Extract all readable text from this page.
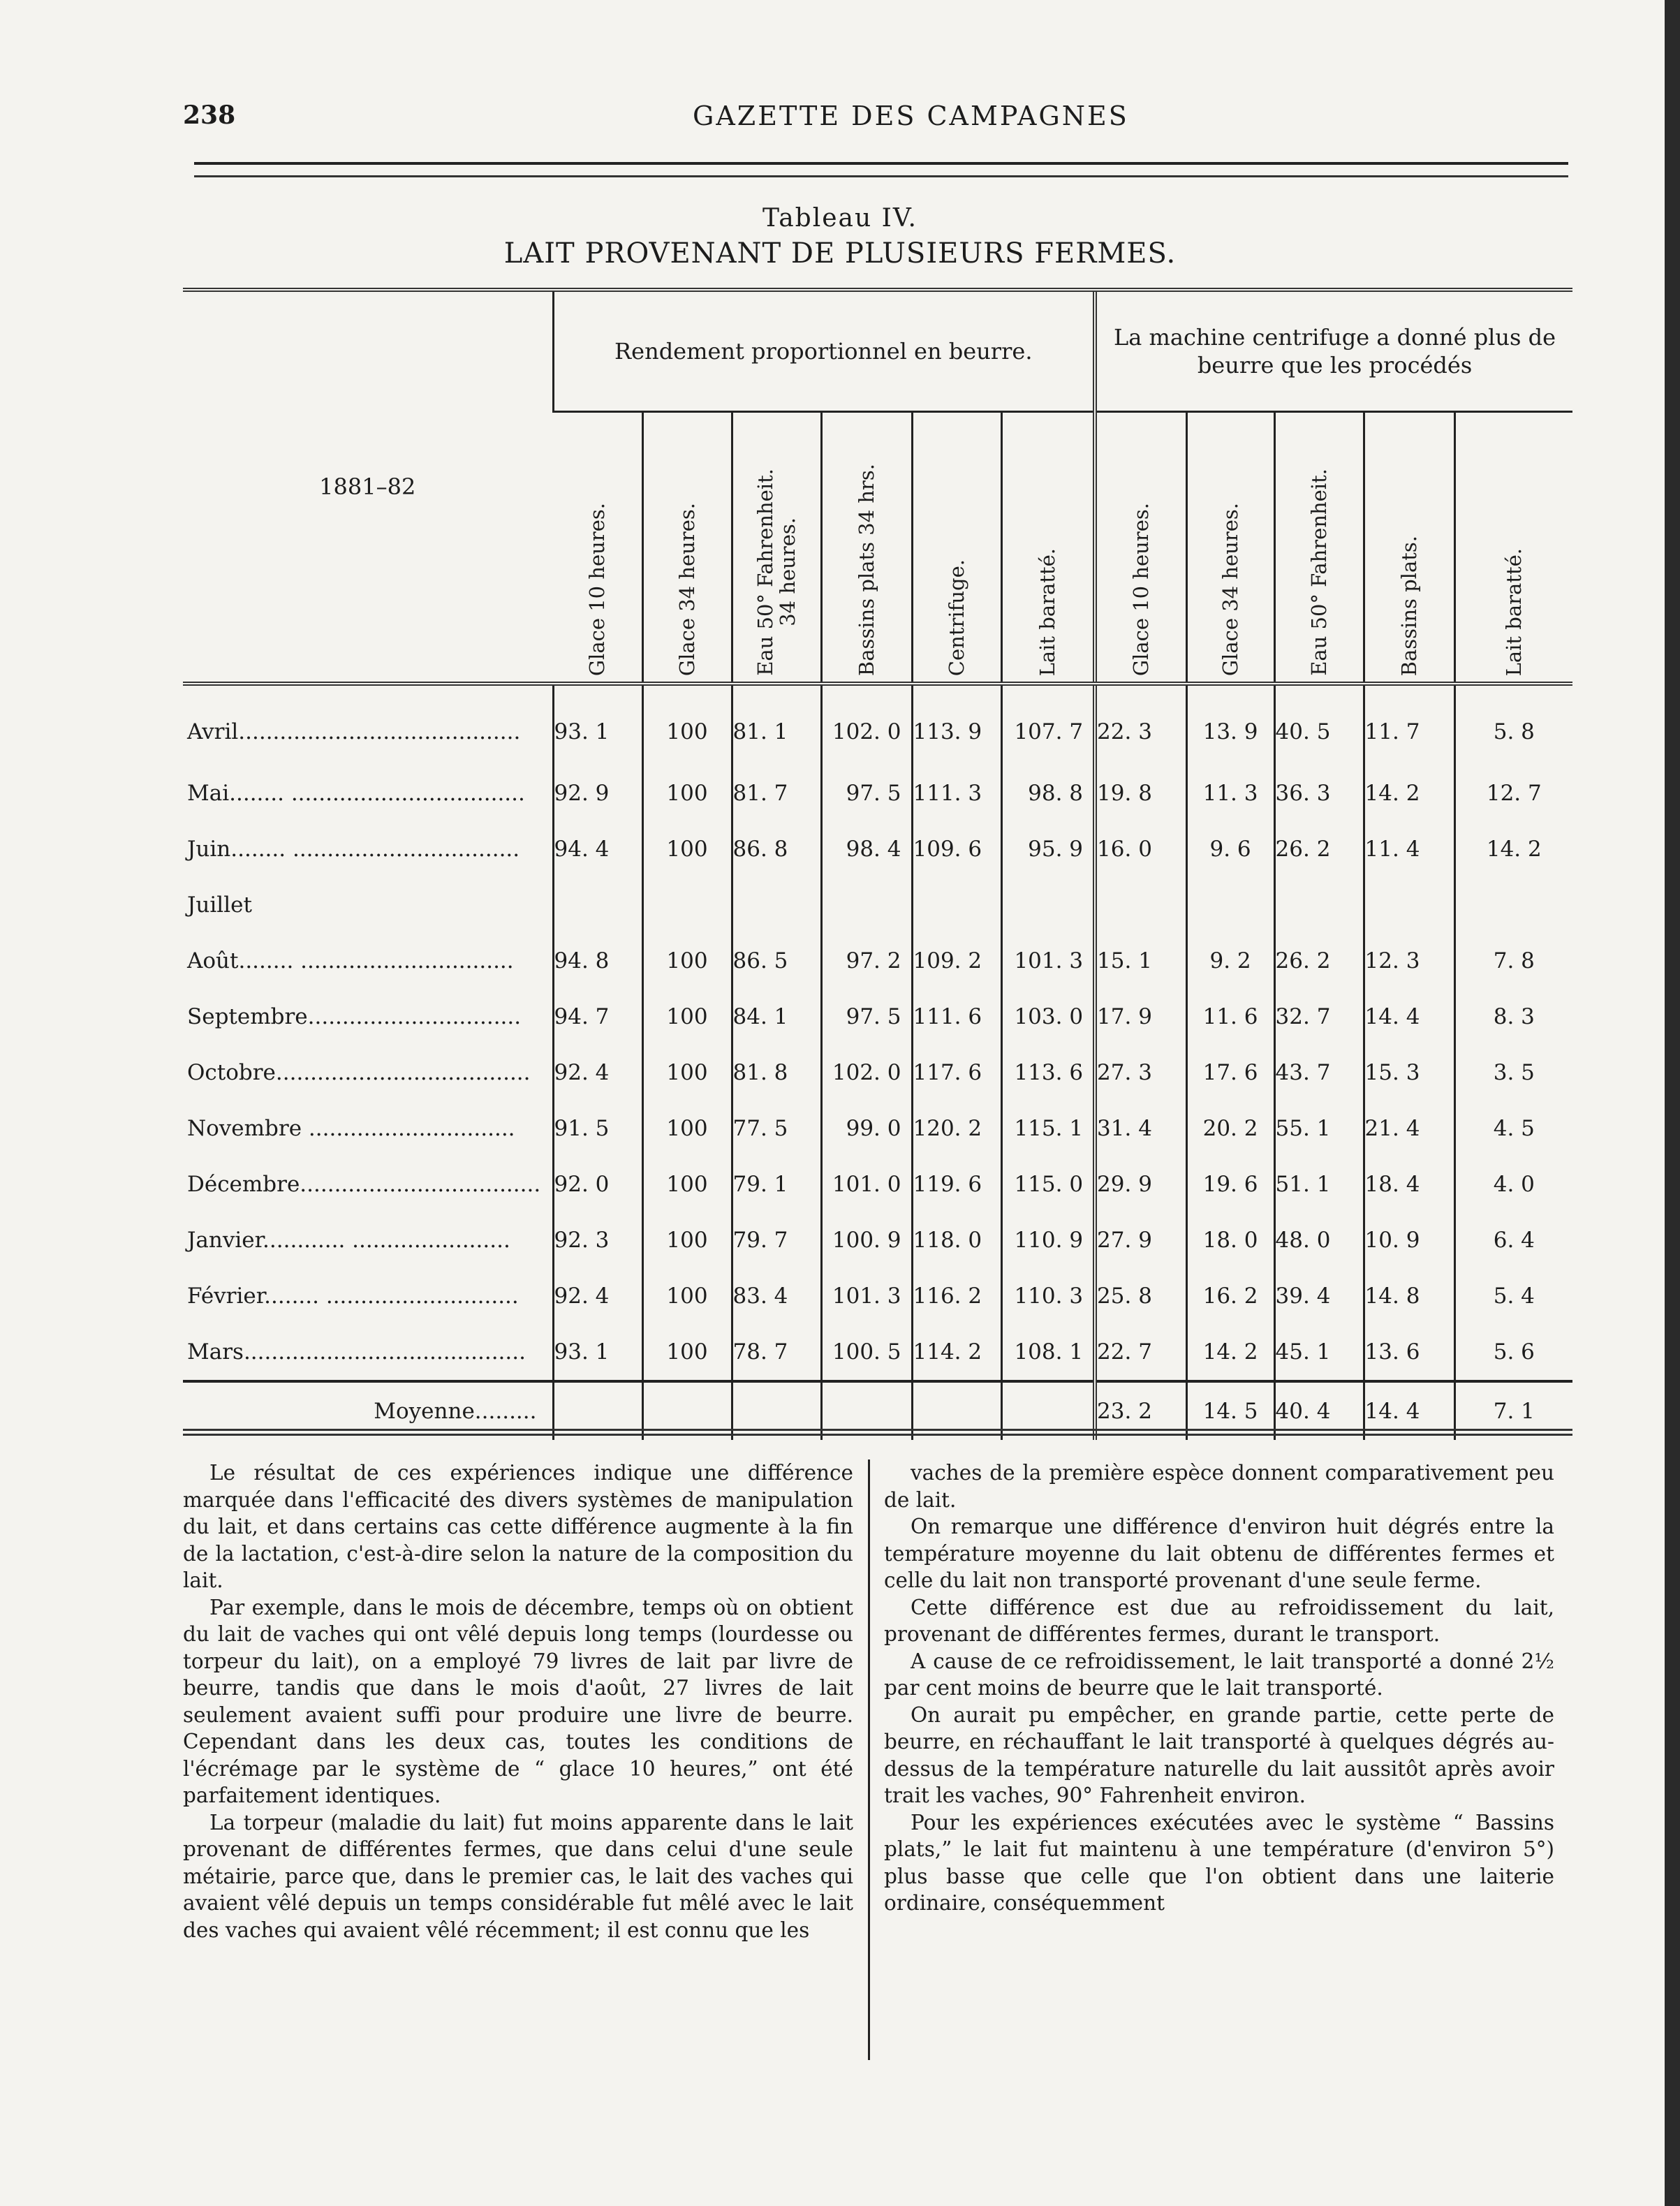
238	GAZETTE DES CAMPAGNES
Tableau IV.
LAIT PROVENANT DE PLUSIEURS FERMES.
1881–82	Rendement proportionnel en beurre.						La machine centrifuge a donné plus de beurre que les procédés				

	Glace 10 heures.	Glace 34 heures.	Eau 50° Fahrenheit.
34 heures.	Bassins plats 34 hrs.	Centrifuge.	Lait baratté.	Glace 10 heures.	Glace 34 heures.	Eau 50° Fahrenheit.	Bassins plats.	Lait baratté.

Avril.........................................	93. 1	100	81. 1	102. 0	113. 9	107. 7	22. 3	13. 9	40. 5	11. 7	5. 8
Mai........ ..................................	92. 9	100	81. 7	97. 5	111. 3	98. 8	19. 8	11. 3	36. 3	14. 2	12. 7
Juin........ .................................	94. 4	100	86. 8	98. 4	109. 6	95. 9	16. 0	9. 6	26. 2	11. 4	14. 2
Juillet											
Août........ ...............................	94. 8	100	86. 5	97. 2	109. 2	101. 3	15. 1	9. 2	26. 2	12. 3	7. 8
Septembre...............................	94. 7	100	84. 1	97. 5	111. 6	103. 0	17. 9	11. 6	32. 7	14. 4	8. 3
Octobre.....................................	92. 4	100	81. 8	102. 0	117. 6	113. 6	27. 3	17. 6	43. 7	15. 3	3. 5
Novembre ..............................	91. 5	100	77. 5	99. 0	120. 2	115. 1	31. 4	20. 2	55. 1	21. 4	4. 5
Décembre...................................	92. 0	100	79. 1	101. 0	119. 6	115. 0	29. 9	19. 6	51. 1	18. 4	4. 0
Janvier............ .......................	92. 3	100	79. 7	100. 9	118. 0	110. 9	27. 9	18. 0	48. 0	10. 9	6. 4
Février........ ............................	92. 4	100	83. 4	101. 3	116. 2	110. 3	25. 8	16. 2	39. 4	14. 8	5. 4
Mars.........................................	93. 1	100	78. 7	100. 5	114. 2	108. 1	22. 7	14. 2	45. 1	13. 6	5. 6
Moyenne.........							23. 2	14. 5	40. 4	14. 4	7. 1

Le résultat de ces expériences indique une différence marquée dans l'efficacité des divers systèmes de manipulation du lait, et dans certains cas cette différence augmente à la fin de la lactation, c'est-à-dire selon la nature de la composition du lait.

Par exemple, dans le mois de décembre, temps où on obtient du lait de vaches qui ont vêlé depuis long temps (lourdesse ou torpeur du lait), on a employé 79 livres de lait par livre de beurre, tandis que dans le mois d'août, 27 livres de lait seulement avaient suffi pour produire une livre de beurre. Cependant dans les deux cas, toutes les conditions de l'écrémage par le système de “ glace 10 heures,” ont été parfaitement identiques.

La torpeur (maladie du lait) fut moins apparente dans le lait provenant de différentes fermes, que dans celui d'une seule métairie, parce que, dans le premier cas, le lait des vaches qui avaient vêlé depuis un temps considérable fut mêlé avec le lait des vaches qui avaient vêlé récemment; il est connu que les

vaches de la première espèce donnent comparativement peu de lait.

On remarque une différence d'environ huit dégrés entre la température moyenne du lait obtenu de différentes fermes et celle du lait non transporté provenant d'une seule ferme.

Cette différence est due au refroidissement du lait, provenant de différentes fermes, durant le transport.

A cause de ce refroidissement, le lait transporté a donné 2½ par cent moins de beurre que le lait transporté.

On aurait pu empêcher, en grande partie, cette perte de beurre, en réchauffant le lait transporté à quelques dégrés au-dessus de la température naturelle du lait aussitôt après avoir trait les vaches, 90° Fahrenheit environ.

Pour les expériences exécutées avec le système “ Bassins plats,” le lait fut maintenu à une température (d'environ 5°) plus basse que celle que l'on obtient dans une laiterie ordinaire, conséquemment
